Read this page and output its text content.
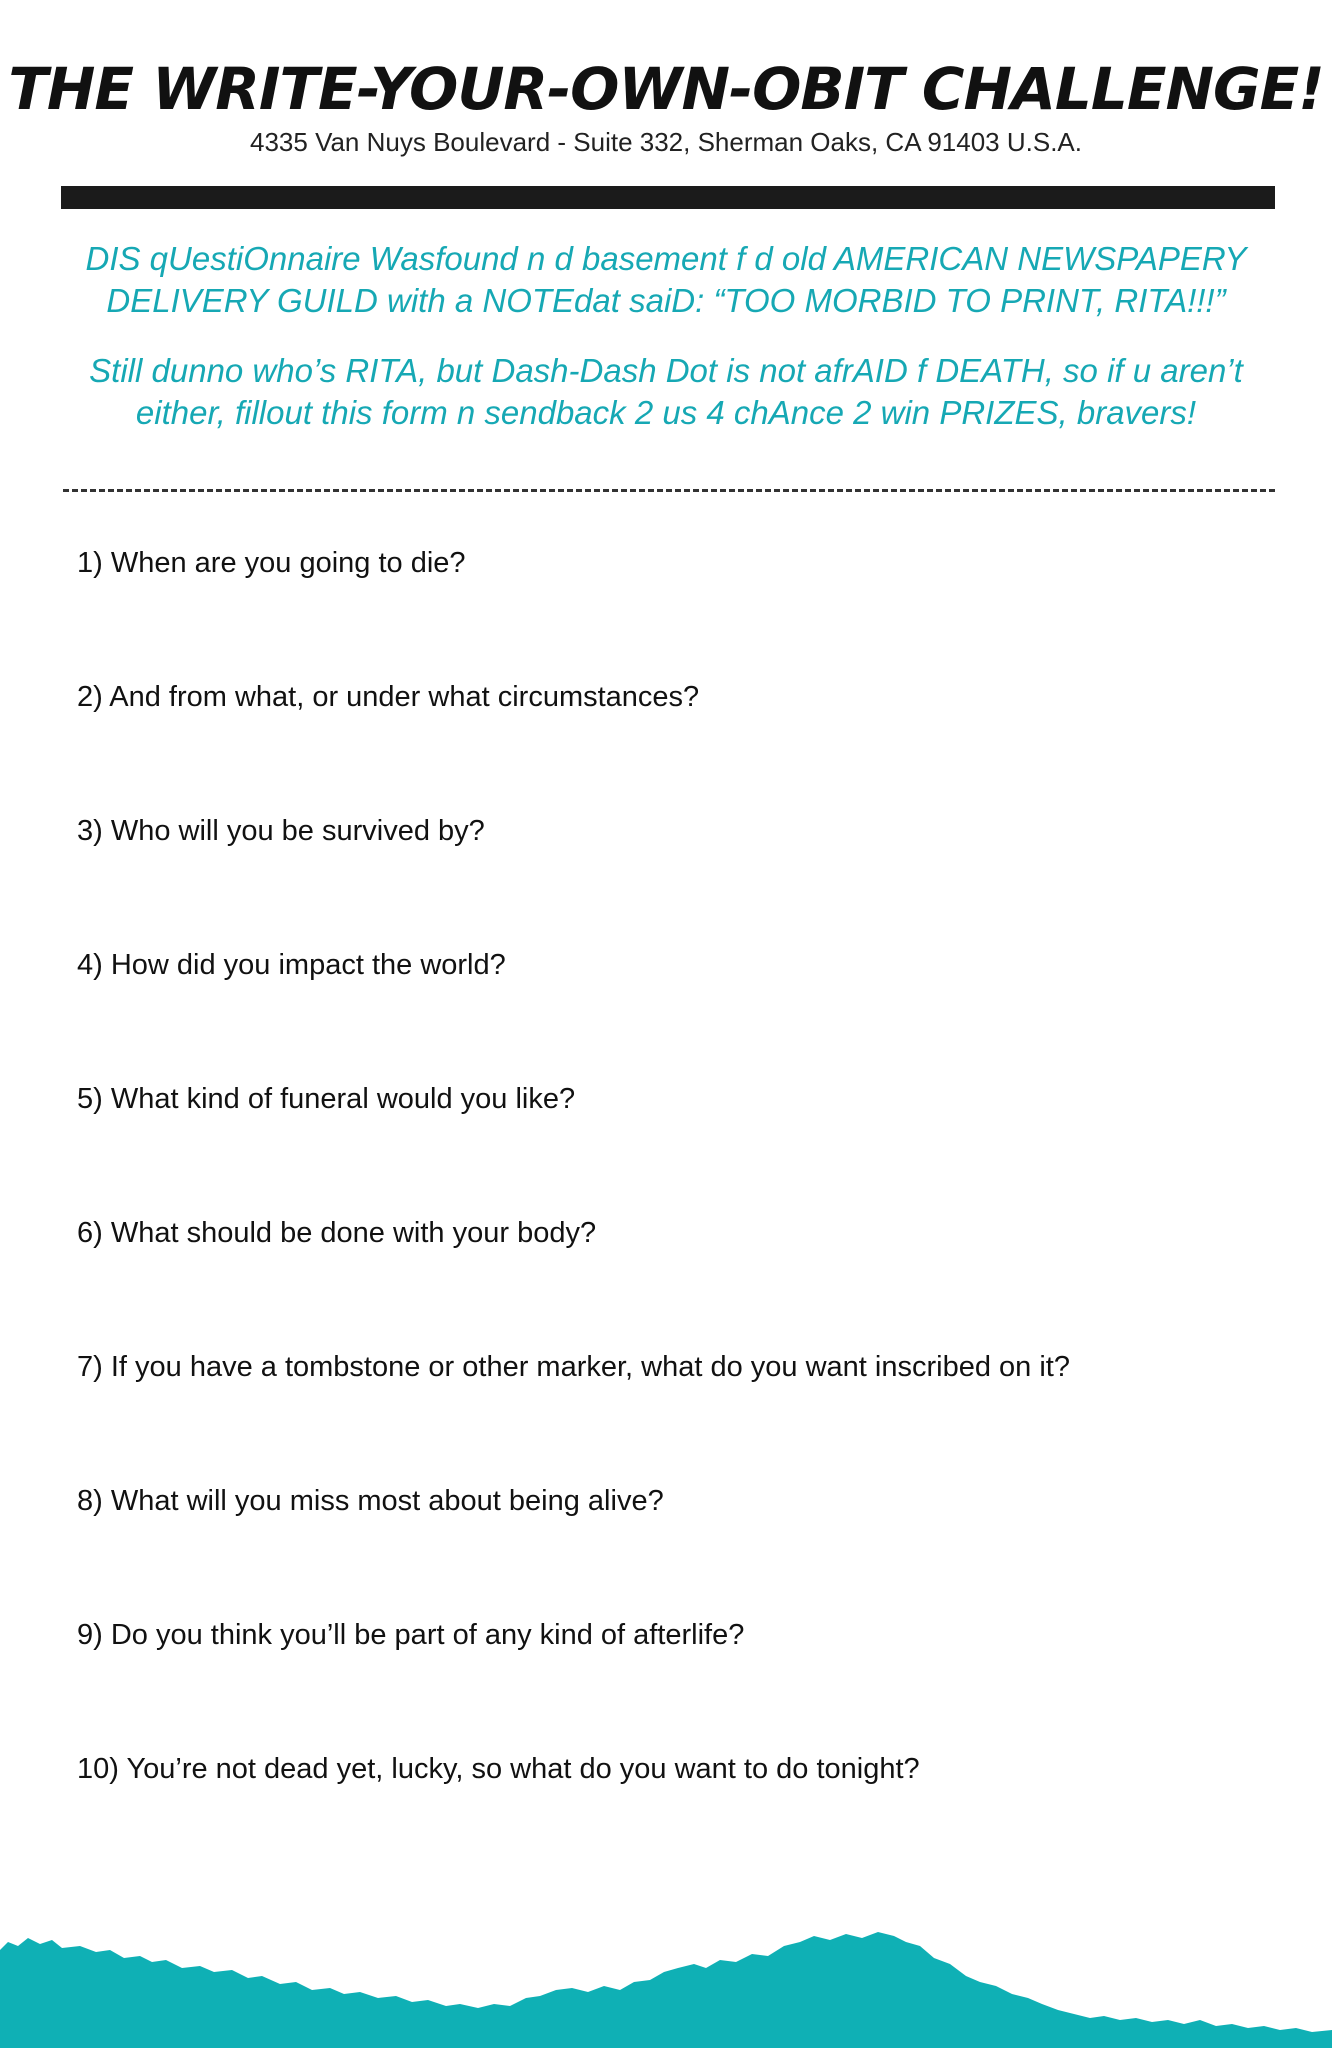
THE WRITE-YOUR-OWN-OBIT CHALLENGE!
4335 Van Nuys Boulevard - Suite 332, Sherman Oaks, CA 91403 U.S.A.
DIS qUestiOnnaire Wasfound n d basement f d old AMERICAN NEWSPAPERY
DELIVERY GUILD with a NOTEdat saiD: “TOO MORBID TO PRINT, RITA!!!”
Still dunno who’s RITA, but Dash-Dash Dot is not afrAID f DEATH, so if u aren’t
either, fillout this form n sendback 2 us 4 chAnce 2 win PRIZES, bravers!
1) When are you going to die?
2) And from what, or under what circumstances?
3) Who will you be survived by?
4) How did you impact the world?
5) What kind of funeral would you like?
6) What should be done with your body?
7) If you have a tombstone or other marker, what do you want inscribed on it?
8) What will you miss most about being alive?
9) Do you think you’ll be part of any kind of afterlife?
10) You’re not dead yet, lucky, so what do you want to do tonight?
